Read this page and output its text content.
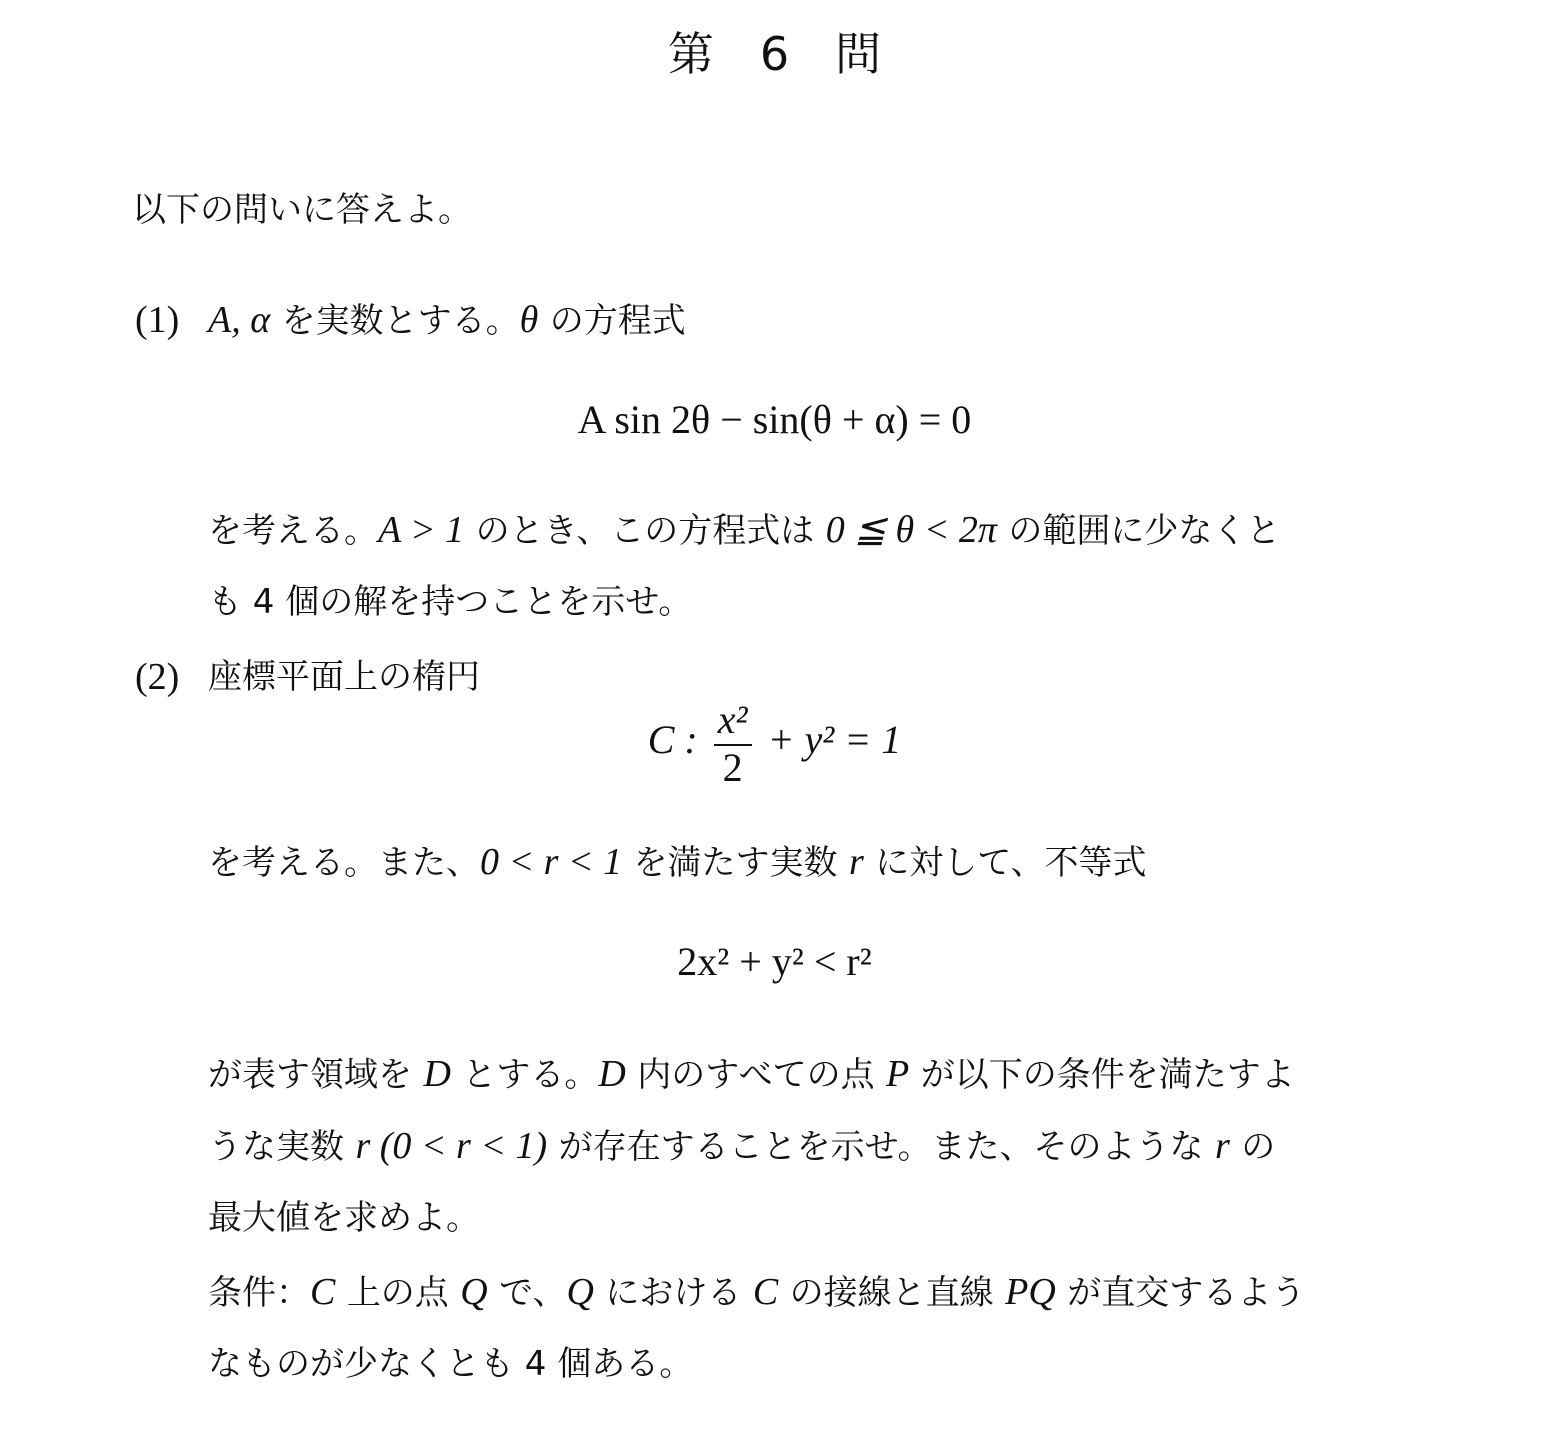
第　6　問
以下の問いに答えよ。
(1) A, α を実数とする。θ の方程式
A sin 2θ − sin(θ + α) = 0
を考える。A > 1 のとき、この方程式は 0 ≦ θ < 2π の範囲に少なくと
も 4 個の解を持つことを示せ。
(2) 座標平面上の楕円
C : $\frac{\text{x²}}{2} + y^2 = 1$
を考える。また、0 < r < 1 を満たす実数 r に対して、不等式
2x² + y² < r²
が表す領域を D とする。D 内のすべての点 P が以下の条件を満たすよ
うな実数 r (0 < r < 1) が存在することを示せ。また、そのような r の
最大値を求めよ。
条件：C 上の点 Q で、Q における C の接線と直線 PQ が直交するよう
なものが少なくとも 4 個ある。
